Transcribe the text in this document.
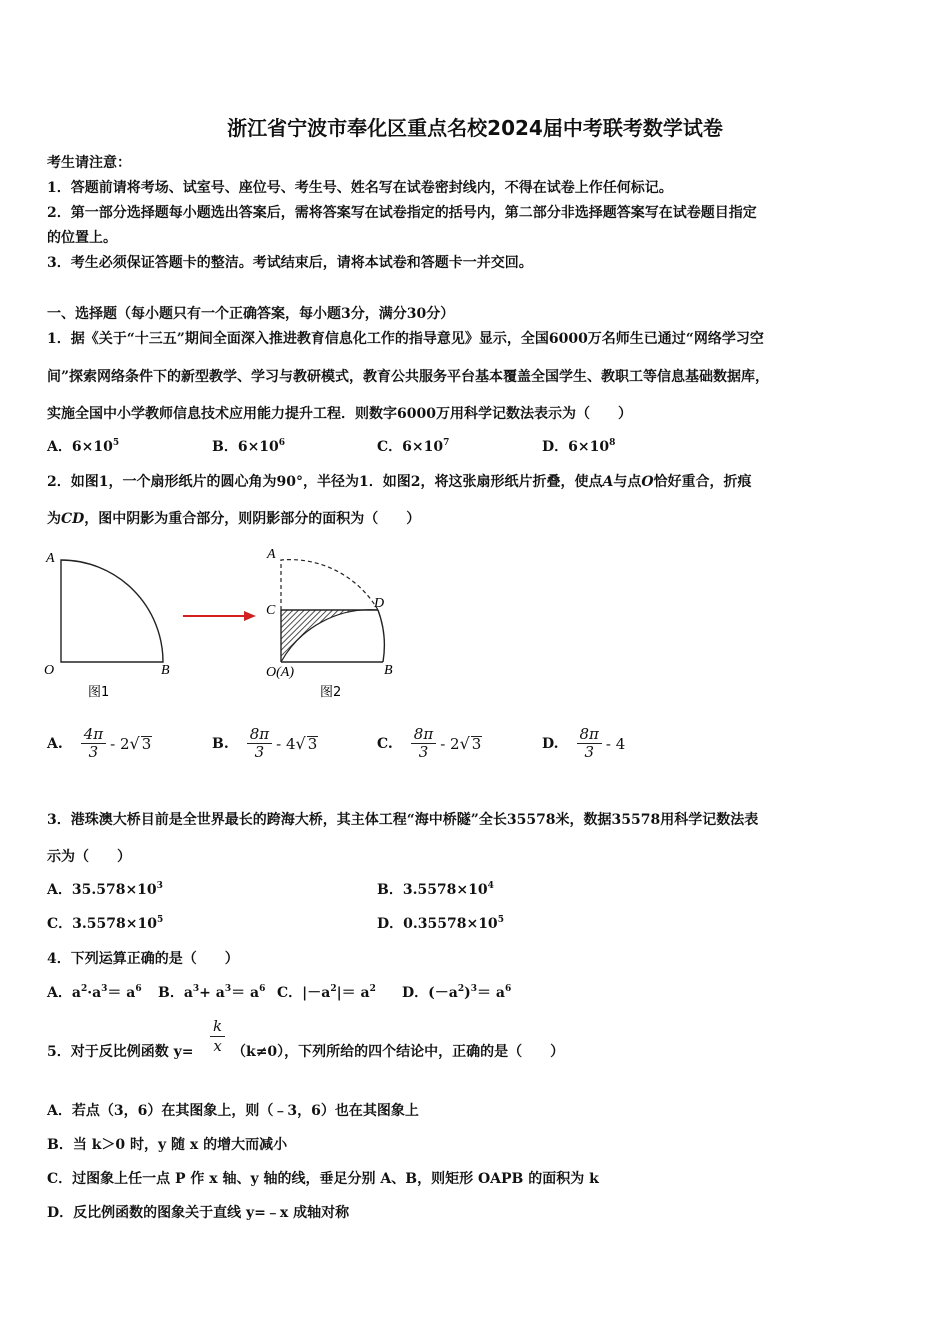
浙江省宁波市奉化区重点名校2024届中考联考数学试卷
考生请注意：
1．答题前请将考场、试室号、座位号、考生号、姓名写在试卷密封线内，不得在试卷上作任何标记。
2．第一部分选择题每小题选出答案后，需将答案写在试卷指定的括号内，第二部分非选择题答案写在试卷题目指定
的位置上。
3．考生必须保证答题卡的整洁。考试结束后，请将本试卷和答题卡一并交回。
一、选择题（每小题只有一个正确答案，每小题3分，满分30分）
1．据《关于“十三五”期间全面深入推进教育信息化工作的指导意见》显示，全国6000万名师生已通过“网络学习空
间”探索网络条件下的新型教学、学习与教研模式，教育公共服务平台基本覆盖全国学生、教职工等信息基础数据库，
实施全国中小学教师信息技术应用能力提升工程．则数字6000万用科学记数法表示为（　　）
A．$6\times 10^5$	B．$6\times 10^6$	C．$6\times 10^7$	D．$6\times 10^8$
2．如图1，一个扇形纸片的圆心角为90°，半径为1．如图2，将这张扇形纸片折叠，使点A与点O恰好重合，折痕
为CD，图中阴影为重合部分，则阴影部分的面积为（　　）
A
O	B
图1
A
C	D
O(A)	B
图2
A. $\frac{4\pi}{3} - 2√$ 3	B. $\frac{8\pi}{3} - 4√$ 3	C. $\frac{8\pi}{3} - 2√$ 3	D. $\frac{8\pi}{3} - 4$
3．港珠澳大桥目前是全世界最长的跨海大桥，其主体工程“海中桥隧”全长35578米，数据35578用科学记数法表
示为（　　）
A．$35.578\times 10^3$	B．$3.5578\times 10^4$
C．$3.5578\times 10^5$	D．$0.35578\times 10^5$
4．下列运算正确的是（　　）
A．$a^2\cdot a^3= a^6$ B．$a^3+ a^3= a^6$ C．$|-a^2|= a^2$ D．$(-a^2)^3= a^6$
5．对于反比例函数 y=
k
x （k≠0），下列所给的四个结论中，正确的是（　　）
A．若点（3，6）在其图象上，则（﹣3，6）也在其图象上
B．当 k＞0 时，y 随 x 的增大而减小
C．过图象上任一点 P 作 x 轴、y 轴的线，垂足分别 A、B，则矩形 OAPB 的面积为 k
D．反比例函数的图象关于直线 y=﹣x 成轴对称
